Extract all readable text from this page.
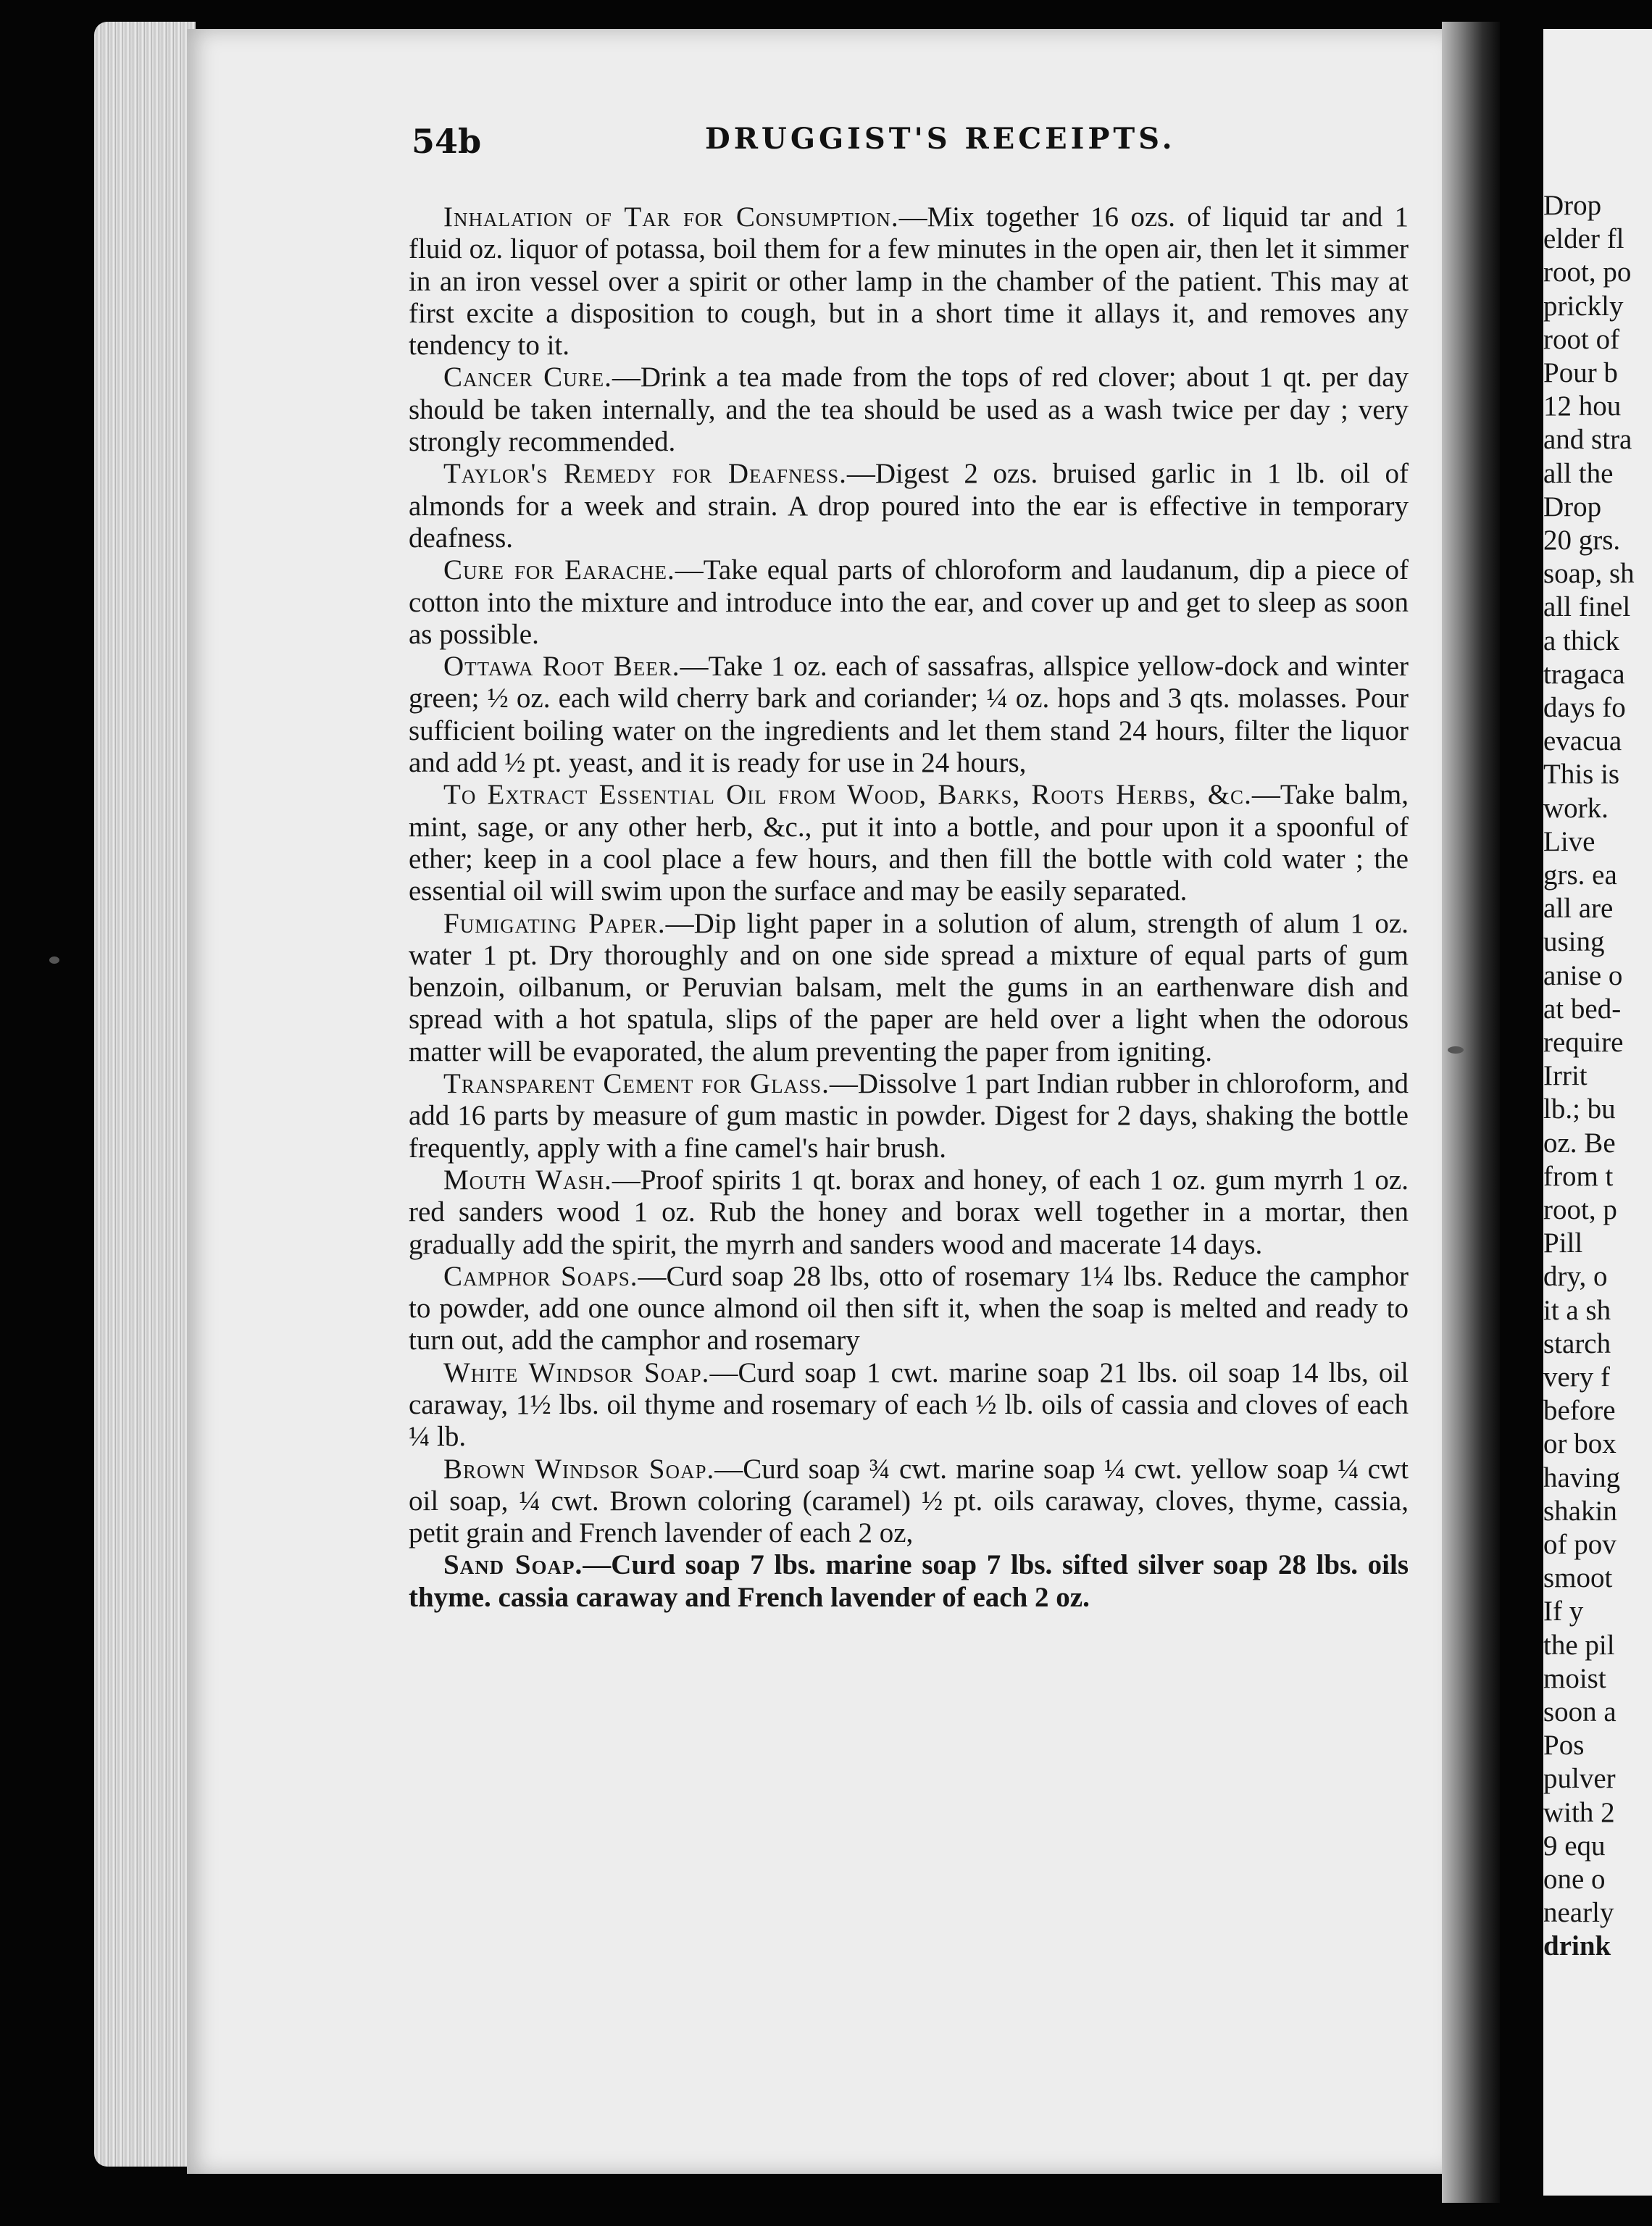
54b	DRUGGIST'S RECEIPTS.

Inhalation of Tar for Consumption.—Mix together 16 ozs. of liquid tar and 1 fluid oz. liquor of potassa, boil them for a few minutes in the open air, then let it simmer in an iron vessel over a spirit or other lamp in the chamber of the patient. This may at first excite a disposition to cough, but in a short time it allays it, and removes any tendency to it.

Cancer Cure.—Drink a tea made from the tops of red clover; about 1 qt. per day should be taken internally, and the tea should be used as a wash twice per day ; very strongly recommended.

Taylor's Remedy for Deafness.—Digest 2 ozs. bruised garlic in 1 lb. oil of almonds for a week and strain. A drop poured into the ear is effective in temporary deafness.

Cure for Earache.—Take equal parts of chloroform and laudanum, dip a piece of cotton into the mixture and introduce into the ear, and cover up and get to sleep as soon as possible.

Ottawa Root Beer.—Take 1 oz. each of sassafras, allspice yellow-dock and winter green; ½ oz. each wild cherry bark and coriander; ¼ oz. hops and 3 qts. molasses. Pour sufficient boiling water on the ingredients and let them stand 24 hours, filter the liquor and add ½ pt. yeast, and it is ready for use in 24 hours,

To Extract Essential Oil from Wood, Barks, Roots Herbs, &c.—Take balm, mint, sage, or any other herb, &c., put it into a bottle, and pour upon it a spoonful of ether; keep in a cool place a few hours, and then fill the bottle with cold water ; the essential oil will swim upon the surface and may be easily separated.

Fumigating Paper.—Dip light paper in a solution of alum, strength of alum 1 oz. water 1 pt. Dry thoroughly and on one side spread a mixture of equal parts of gum benzoin, oilbanum, or Peruvian balsam, melt the gums in an earthenware dish and spread with a hot spatula, slips of the paper are held over a light when the odorous matter will be evaporated, the alum preventing the paper from igniting.

Transparent Cement for Glass.—Dissolve 1 part Indian rubber in chloroform, and add 16 parts by measure of gum mastic in powder. Digest for 2 days, shaking the bottle frequently, apply with a fine camel's hair brush.

Mouth Wash.—Proof spirits 1 qt. borax and honey, of each 1 oz. gum myrrh 1 oz. red sanders wood 1 oz. Rub the honey and borax well together in a mortar, then gradually add the spirit, the myrrh and sanders wood and macerate 14 days.

Camphor Soaps.—Curd soap 28 lbs, otto of rosemary 1¼ lbs. Reduce the camphor to powder, add one ounce almond oil then sift it, when the soap is melted and ready to turn out, add the camphor and rosemary

White Windsor Soap.—Curd soap 1 cwt. marine soap 21 lbs. oil soap 14 lbs, oil caraway, 1½ lbs. oil thyme and rosemary of each ½ lb. oils of cassia and cloves of each ¼ lb.

Brown Windsor Soap.—Curd soap ¾ cwt. marine soap ¼ cwt. yellow soap ¼ cwt oil soap, ¼ cwt. Brown coloring (caramel) ½ pt. oils caraway, cloves, thyme, cassia, petit grain and French lavender of each 2 oz,

Sand Soap.—Curd soap 7 lbs. marine soap 7 lbs. sifted silver soap 28 lbs. oils thyme. cassia caraway and French lavender of each 2 oz.

Drop
elder fl
root, po
prickly
root of
Pour b
12 hou
and stra
all the
Drop
20 grs.
soap, sh
all finel
a thick
tragaca
days fo
evacua
This is
work.
Live
grs. ea
all are
using
anise o
at bed-
require
Irrit
lb.; bu
oz. Be
from t
root, p
Pill
dry, o
it a sh
starch
very f
before
or box
having
shakin
of pov
smoot
If y
the pil
moist
soon a
Pos
pulver
with 2
9 equ
one o
nearly
drink
